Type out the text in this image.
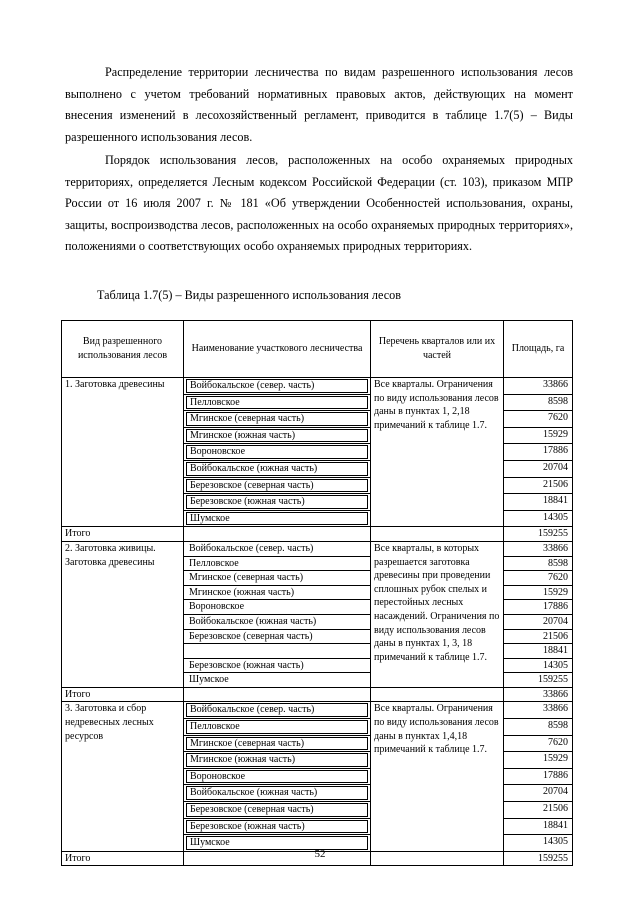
Распределение территории лесничества по видам разрешенного использования лесов выполнено с учетом требований нормативных правовых актов, действующих на момент внесения изменений в лесохозяйственный регламент, приводится в таблице 1.7(5) – Виды разрешенного использования лесов.

Порядок использования лесов, расположенных на особо охраняемых природных территориях, определяется Лесным кодексом Российской Федерации (ст. 103), приказом МПР России от 16 июля 2007 г. № 181 «Об утверждении Особенностей использования, охраны, защиты, воспроизводства лесов, расположенных на особо охраняемых природных территориях», положениями о соответствующих особо охраняемых природных территориях.

Таблица 1.7(5) – Виды разрешенного использования лесов

Вид разрешенного использования лесов	Наименование участкового лесничества	Перечень кварталов или их частей	Площадь, га
1. Заготовка древесины	Войбокальское (север. часть)	Все кварталы. Ограничения по виду использования лесов даны в пунктах 1, 2,18 примечаний к таблице 1.7.	33866

	Пелловское		8598

	Мгинское (северная часть)		7620

	Мгинское (южная часть)		15929

	Вороновское		17886

	Войбокальское (южная часть)		20704

	Березовское (северная часть)		21506

	Березовское (южная часть)		18841

	Шумское		14305
Итого			159255
2. Заготовка живицы. Заготовка древесины	Войбокальское (север. часть)	Все кварталы, в которых разрешается заготовка древесины при проведении сплошных рубок спелых и перестойных лесных насаждений. Ограничения по виду использования лесов даны в пунктах 1, 3, 18 примечаний к таблице 1.7.	33866

	Пелловское		8598

	Мгинское (северная часть)		7620

	Мгинское (южная часть)		15929

	Вороновское		17886

	Войбокальское (южная часть)		20704

	Березовское (северная часть)		21506

			18841

	Березовское (южная часть)		14305

	Шумское		159255
Итого			33866
3. Заготовка и сбор недревесных лесных ресурсов	Войбокальское (север. часть)	Все кварталы. Ограничения по виду использования лесов даны в пунктах 1,4,18 примечаний к таблице 1.7.	33866

	Пелловское		8598

	Мгинское (северная часть)		7620

	Мгинское (южная часть)		15929

	Вороновское		17886

	Войбокальское (южная часть)		20704

	Березовское (северная часть)		21506

	Березовское (южная часть)		18841

	Шумское		14305
Итого			159255
52
